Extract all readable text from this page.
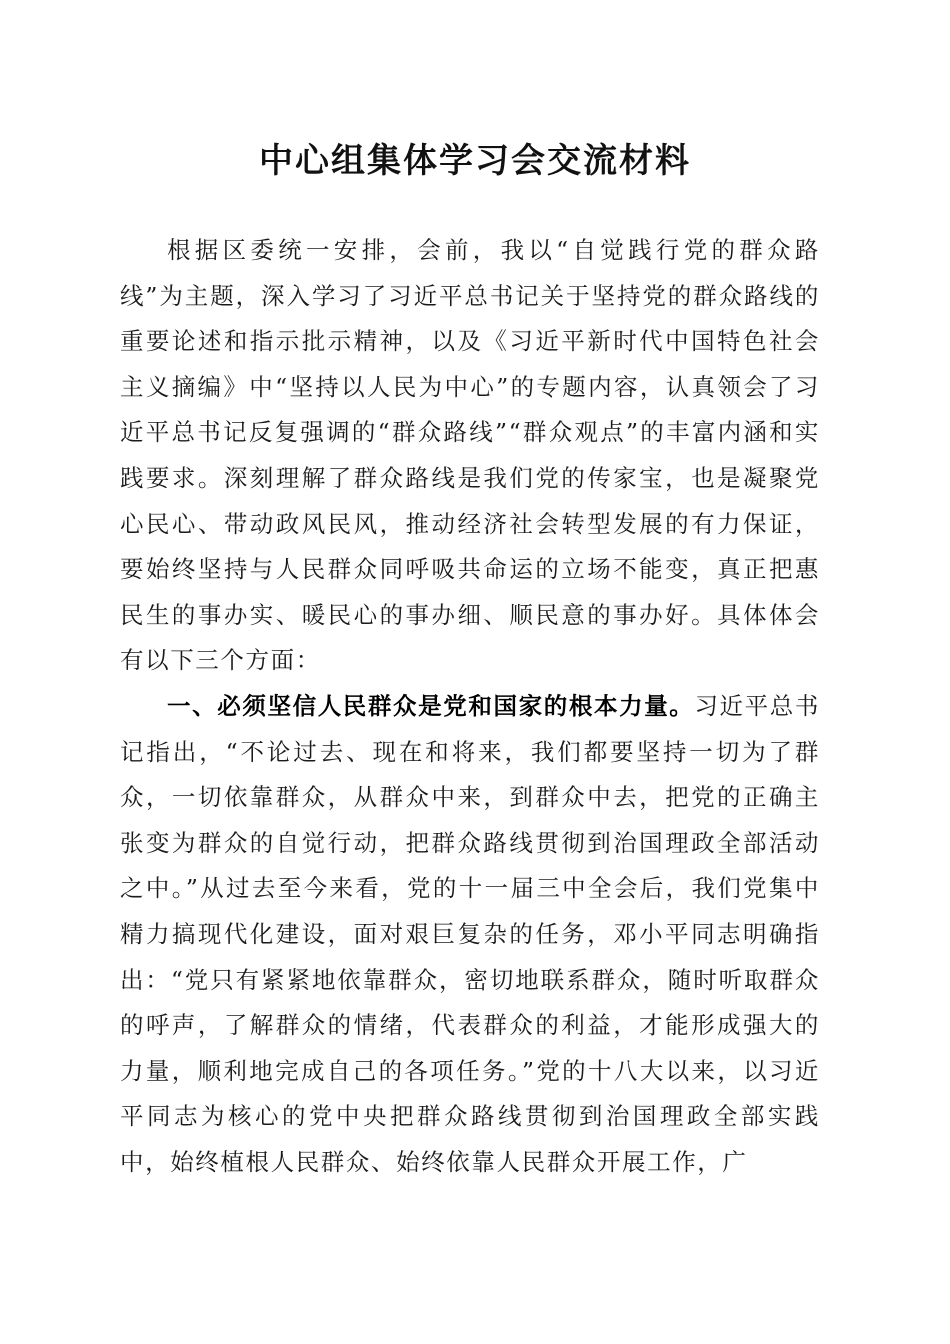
中心组集体学习会交流材料

根据区委统一安排，会前，我以“自觉践行党的群众路线”为主题，深入学习了习近平总书记关于坚持党的群众路线的重要论述和指示批示精神，以及《习近平新时代中国特色社会主义摘编》中“坚持以人民为中心”的专题内容，认真领会了习近平总书记反复强调的“群众路线”“群众观点”的丰富内涵和实践要求。深刻理解了群众路线是我们党的传家宝，也是凝聚党心民心、带动政风民风，推动经济社会转型发展的有力保证，要始终坚持与人民群众同呼吸共命运的立场不能变，真正把惠民生的事办实、暖民心的事办细、顺民意的事办好。具体体会有以下三个方面：

一、必须坚信人民群众是党和国家的根本力量。习近平总书记指出，“不论过去、现在和将来，我们都要坚持一切为了群众，一切依靠群众，从群众中来，到群众中去，把党的正确主张变为群众的自觉行动，把群众路线贯彻到治国理政全部活动之中。”从过去至今来看，党的十一届三中全会后，我们党集中精力搞现代化建设，面对艰巨复杂的任务，邓小平同志明确指出：“党只有紧紧地依靠群众，密切地联系群众，随时听取群众的呼声，了解群众的情绪，代表群众的利益，才能形成强大的力量，顺利地完成自己的各项任务。”党的十八大以来，以习近平同志为核心的党中央把群众路线贯彻到治国理政全部实践中，始终植根人民群众、始终依靠人民群众开展工作，广
